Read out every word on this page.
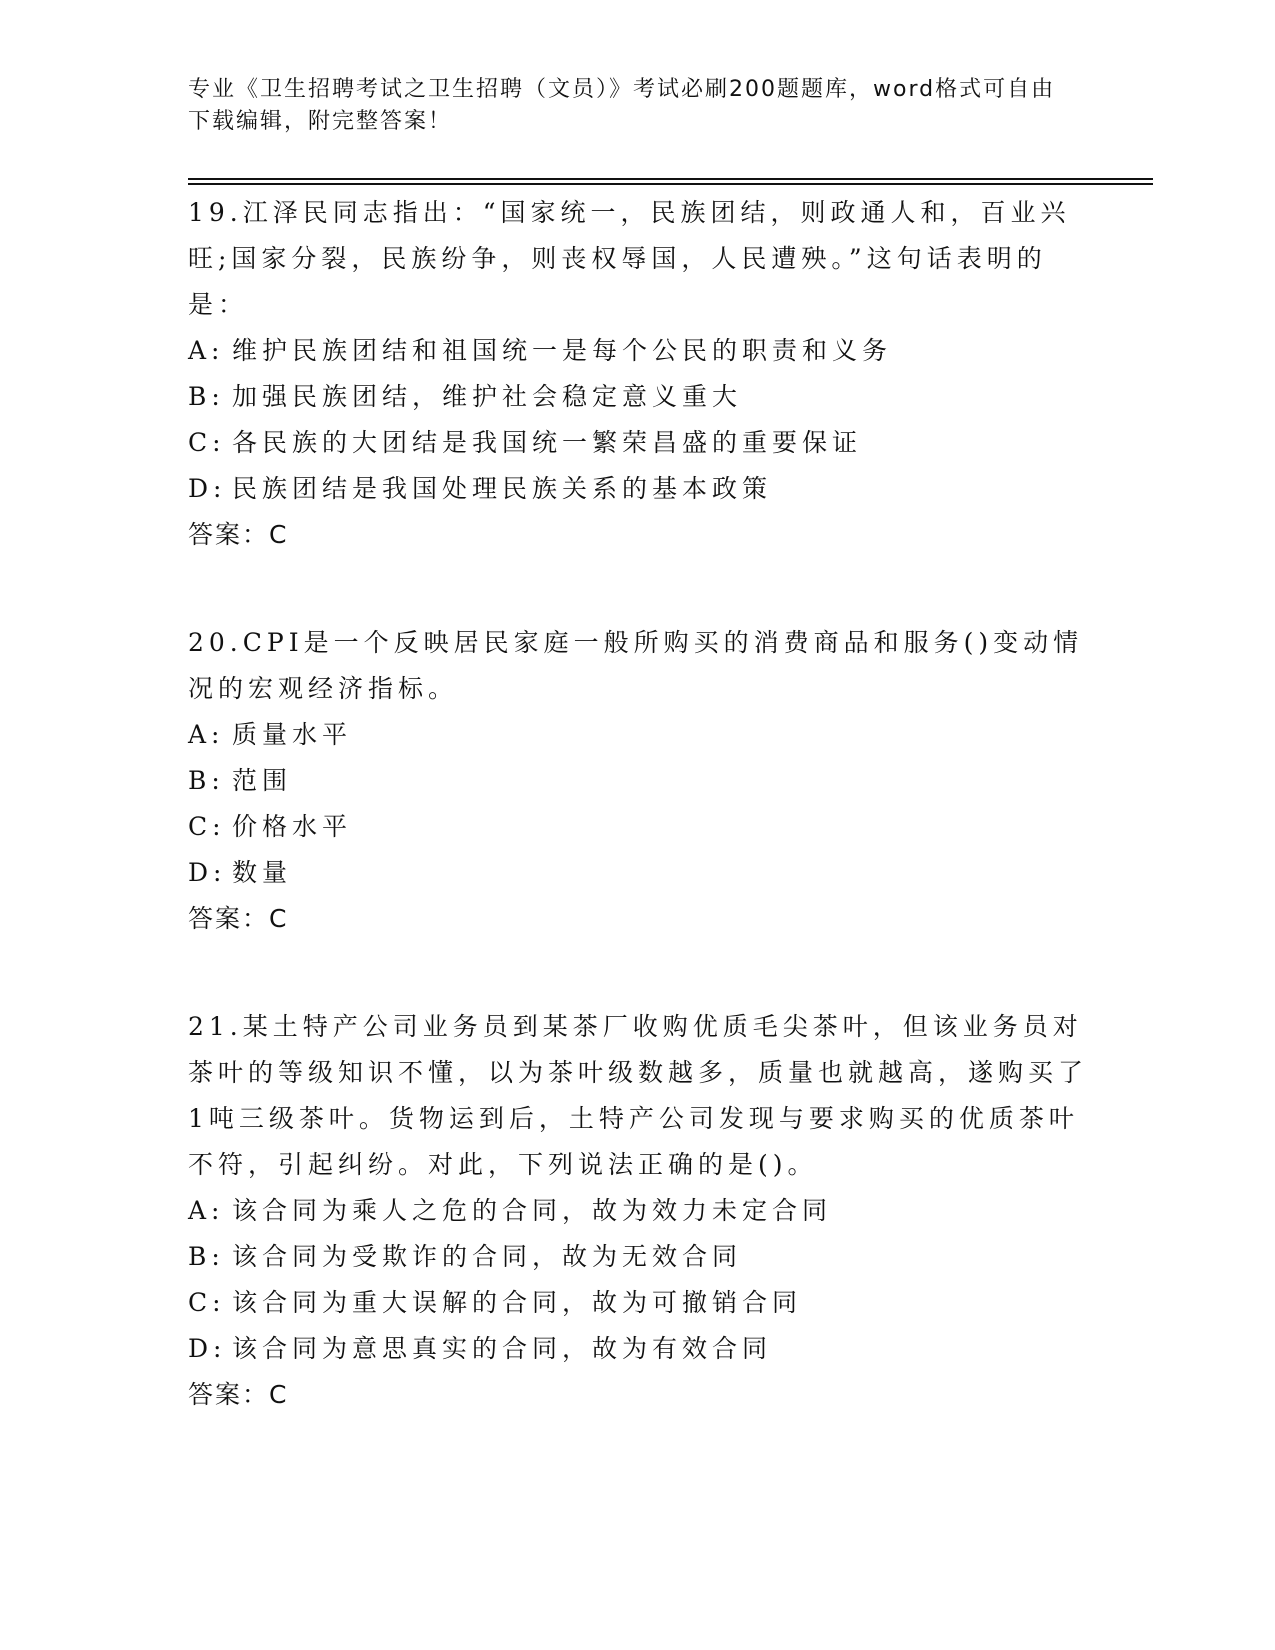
专业《卫生招聘考试之卫生招聘（文员）》考试必刷200题题库，word格式可自由下载编辑，附完整答案！

19.江泽民同志指出：“国家统一，民族团结，则政通人和，百业兴旺;国家分裂，民族纷争，则丧权辱国，人民遭殃。”这句话表明的是：

A: 维护民族团结和祖国统一是每个公民的职责和义务
B: 加强民族团结，维护社会稳定意义重大
C: 各民族的大团结是我国统一繁荣昌盛的重要保证
D: 民族团结是我国处理民族关系的基本政策

答案：C

20.CPI是一个反映居民家庭一般所购买的消费商品和服务()变动情况的宏观经济指标。

A: 质量水平
B: 范围
C: 价格水平
D: 数量

答案：C

21.某土特产公司业务员到某茶厂收购优质毛尖茶叶，但该业务员对茶叶的等级知识不懂，以为茶叶级数越多，质量也就越高，遂购买了1吨三级茶叶。货物运到后，土特产公司发现与要求购买的优质茶叶不符，引起纠纷。对此，下列说法正确的是()。

A: 该合同为乘人之危的合同，故为效力未定合同
B: 该合同为受欺诈的合同，故为无效合同
C: 该合同为重大误解的合同，故为可撤销合同
D: 该合同为意思真实的合同，故为有效合同

答案：C
